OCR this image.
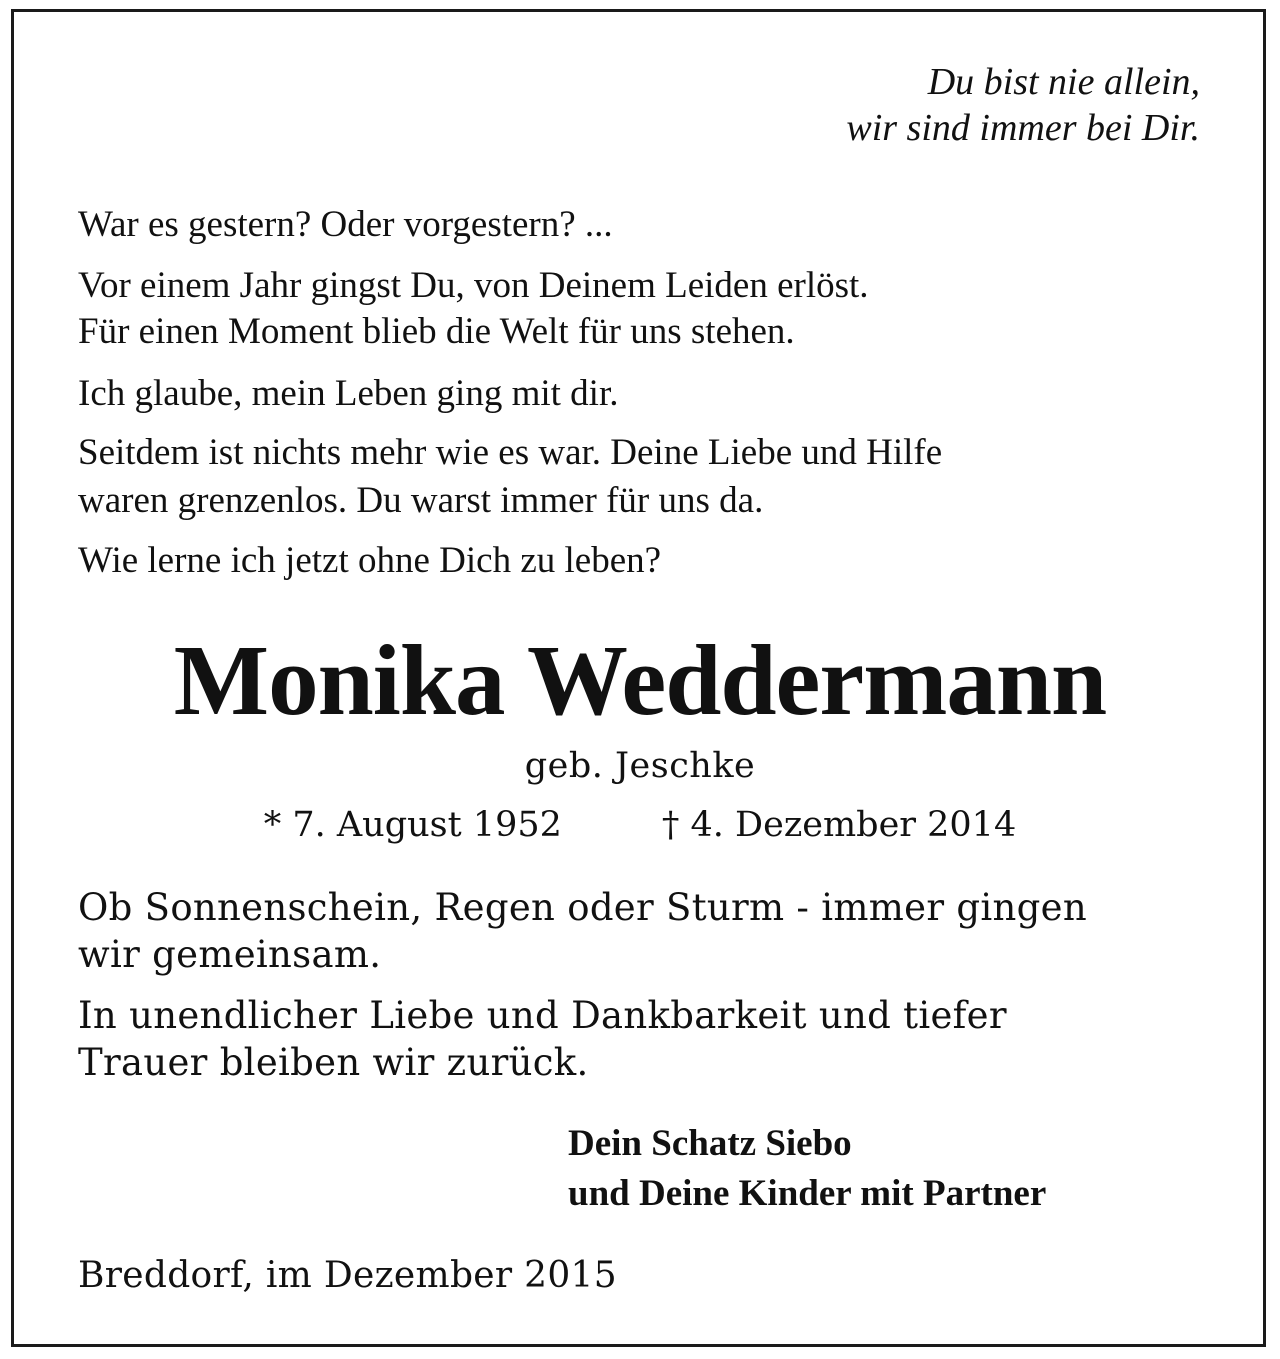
Du bist nie allein,

wir sind immer bei Dir.

War es gestern? Oder vorgestern? ...

Vor einem Jahr gingst Du, von Deinem Leiden erlöst.

Für einen Moment blieb die Welt für uns stehen.

Ich glaube, mein Leben ging mit dir.

Seitdem ist nichts mehr wie es war. Deine Liebe und Hilfe

waren grenzenlos. Du warst immer für uns da.

Wie lerne ich jetzt ohne Dich zu leben?

Monika Weddermann

geb. Jeschke

* 7. August 1952	† 4. Dezember 2014

Ob Sonnenschein, Regen oder Sturm - immer gingen

wir gemeinsam.

In unendlicher Liebe und Dankbarkeit und tiefer

Trauer bleiben wir zurück.

Dein Schatz Siebo

und Deine Kinder mit Partner

Breddorf, im Dezember 2015
